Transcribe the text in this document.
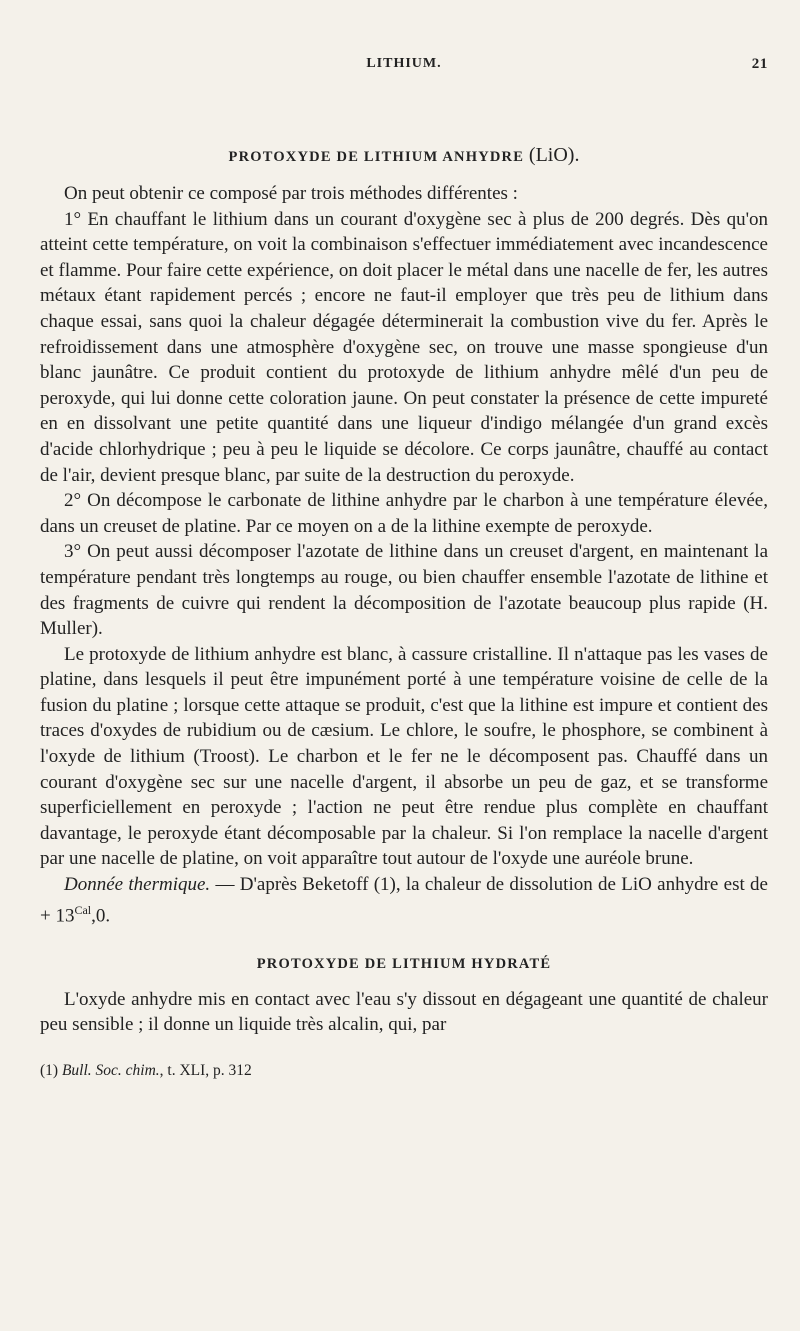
LITHIUM.	21
PROTOXYDE DE LITHIUM ANHYDRE (LiO).

On peut obtenir ce composé par trois méthodes différentes :

1° En chauffant le lithium dans un courant d'oxygène sec à plus de 200 degrés. Dès qu'on atteint cette température, on voit la combinaison s'effectuer immédiatement avec incandescence et flamme. Pour faire cette expérience, on doit placer le métal dans une nacelle de fer, les autres métaux étant rapidement percés ; encore ne faut-il employer que très peu de lithium dans chaque essai, sans quoi la chaleur dégagée déterminerait la combustion vive du fer. Après le refroidissement dans une atmosphère d'oxygène sec, on trouve une masse spongieuse d'un blanc jaunâtre. Ce produit contient du protoxyde de lithium anhydre mêlé d'un peu de peroxyde, qui lui donne cette coloration jaune. On peut constater la présence de cette impureté en en dissolvant une petite quantité dans une liqueur d'indigo mélangée d'un grand excès d'acide chlorhydrique ; peu à peu le liquide se décolore. Ce corps jaunâtre, chauffé au contact de l'air, devient presque blanc, par suite de la destruction du peroxyde.

2° On décompose le carbonate de lithine anhydre par le charbon à une température élevée, dans un creuset de platine. Par ce moyen on a de la lithine exempte de peroxyde.

3° On peut aussi décomposer l'azotate de lithine dans un creuset d'argent, en maintenant la température pendant très longtemps au rouge, ou bien chauffer ensemble l'azotate de lithine et des fragments de cuivre qui rendent la décomposition de l'azotate beaucoup plus rapide (H. Muller).

Le protoxyde de lithium anhydre est blanc, à cassure cristalline. Il n'attaque pas les vases de platine, dans lesquels il peut être impunément porté à une température voisine de celle de la fusion du platine ; lorsque cette attaque se produit, c'est que la lithine est impure et contient des traces d'oxydes de rubidium ou de cæsium. Le chlore, le soufre, le phosphore, se combinent à l'oxyde de lithium (Troost). Le charbon et le fer ne le décomposent pas. Chauffé dans un courant d'oxygène sec sur une nacelle d'argent, il absorbe un peu de gaz, et se transforme superficiellement en peroxyde ; l'action ne peut être rendue plus complète en chauffant davantage, le peroxyde étant décomposable par la chaleur. Si l'on remplace la nacelle d'argent par une nacelle de platine, on voit apparaître tout autour de l'oxyde une auréole brune.

Donnée thermique. — D'après Beketoff (1), la chaleur de dissolution de LiO anhydre est de + $13^{Cal},0$.

PROTOXYDE DE LITHIUM HYDRATÉ

L'oxyde anhydre mis en contact avec l'eau s'y dissout en dégageant une quantité de chaleur peu sensible ; il donne un liquide très alcalin, qui, par

(1) Bull. Soc. chim., t. XLI, p. 312
